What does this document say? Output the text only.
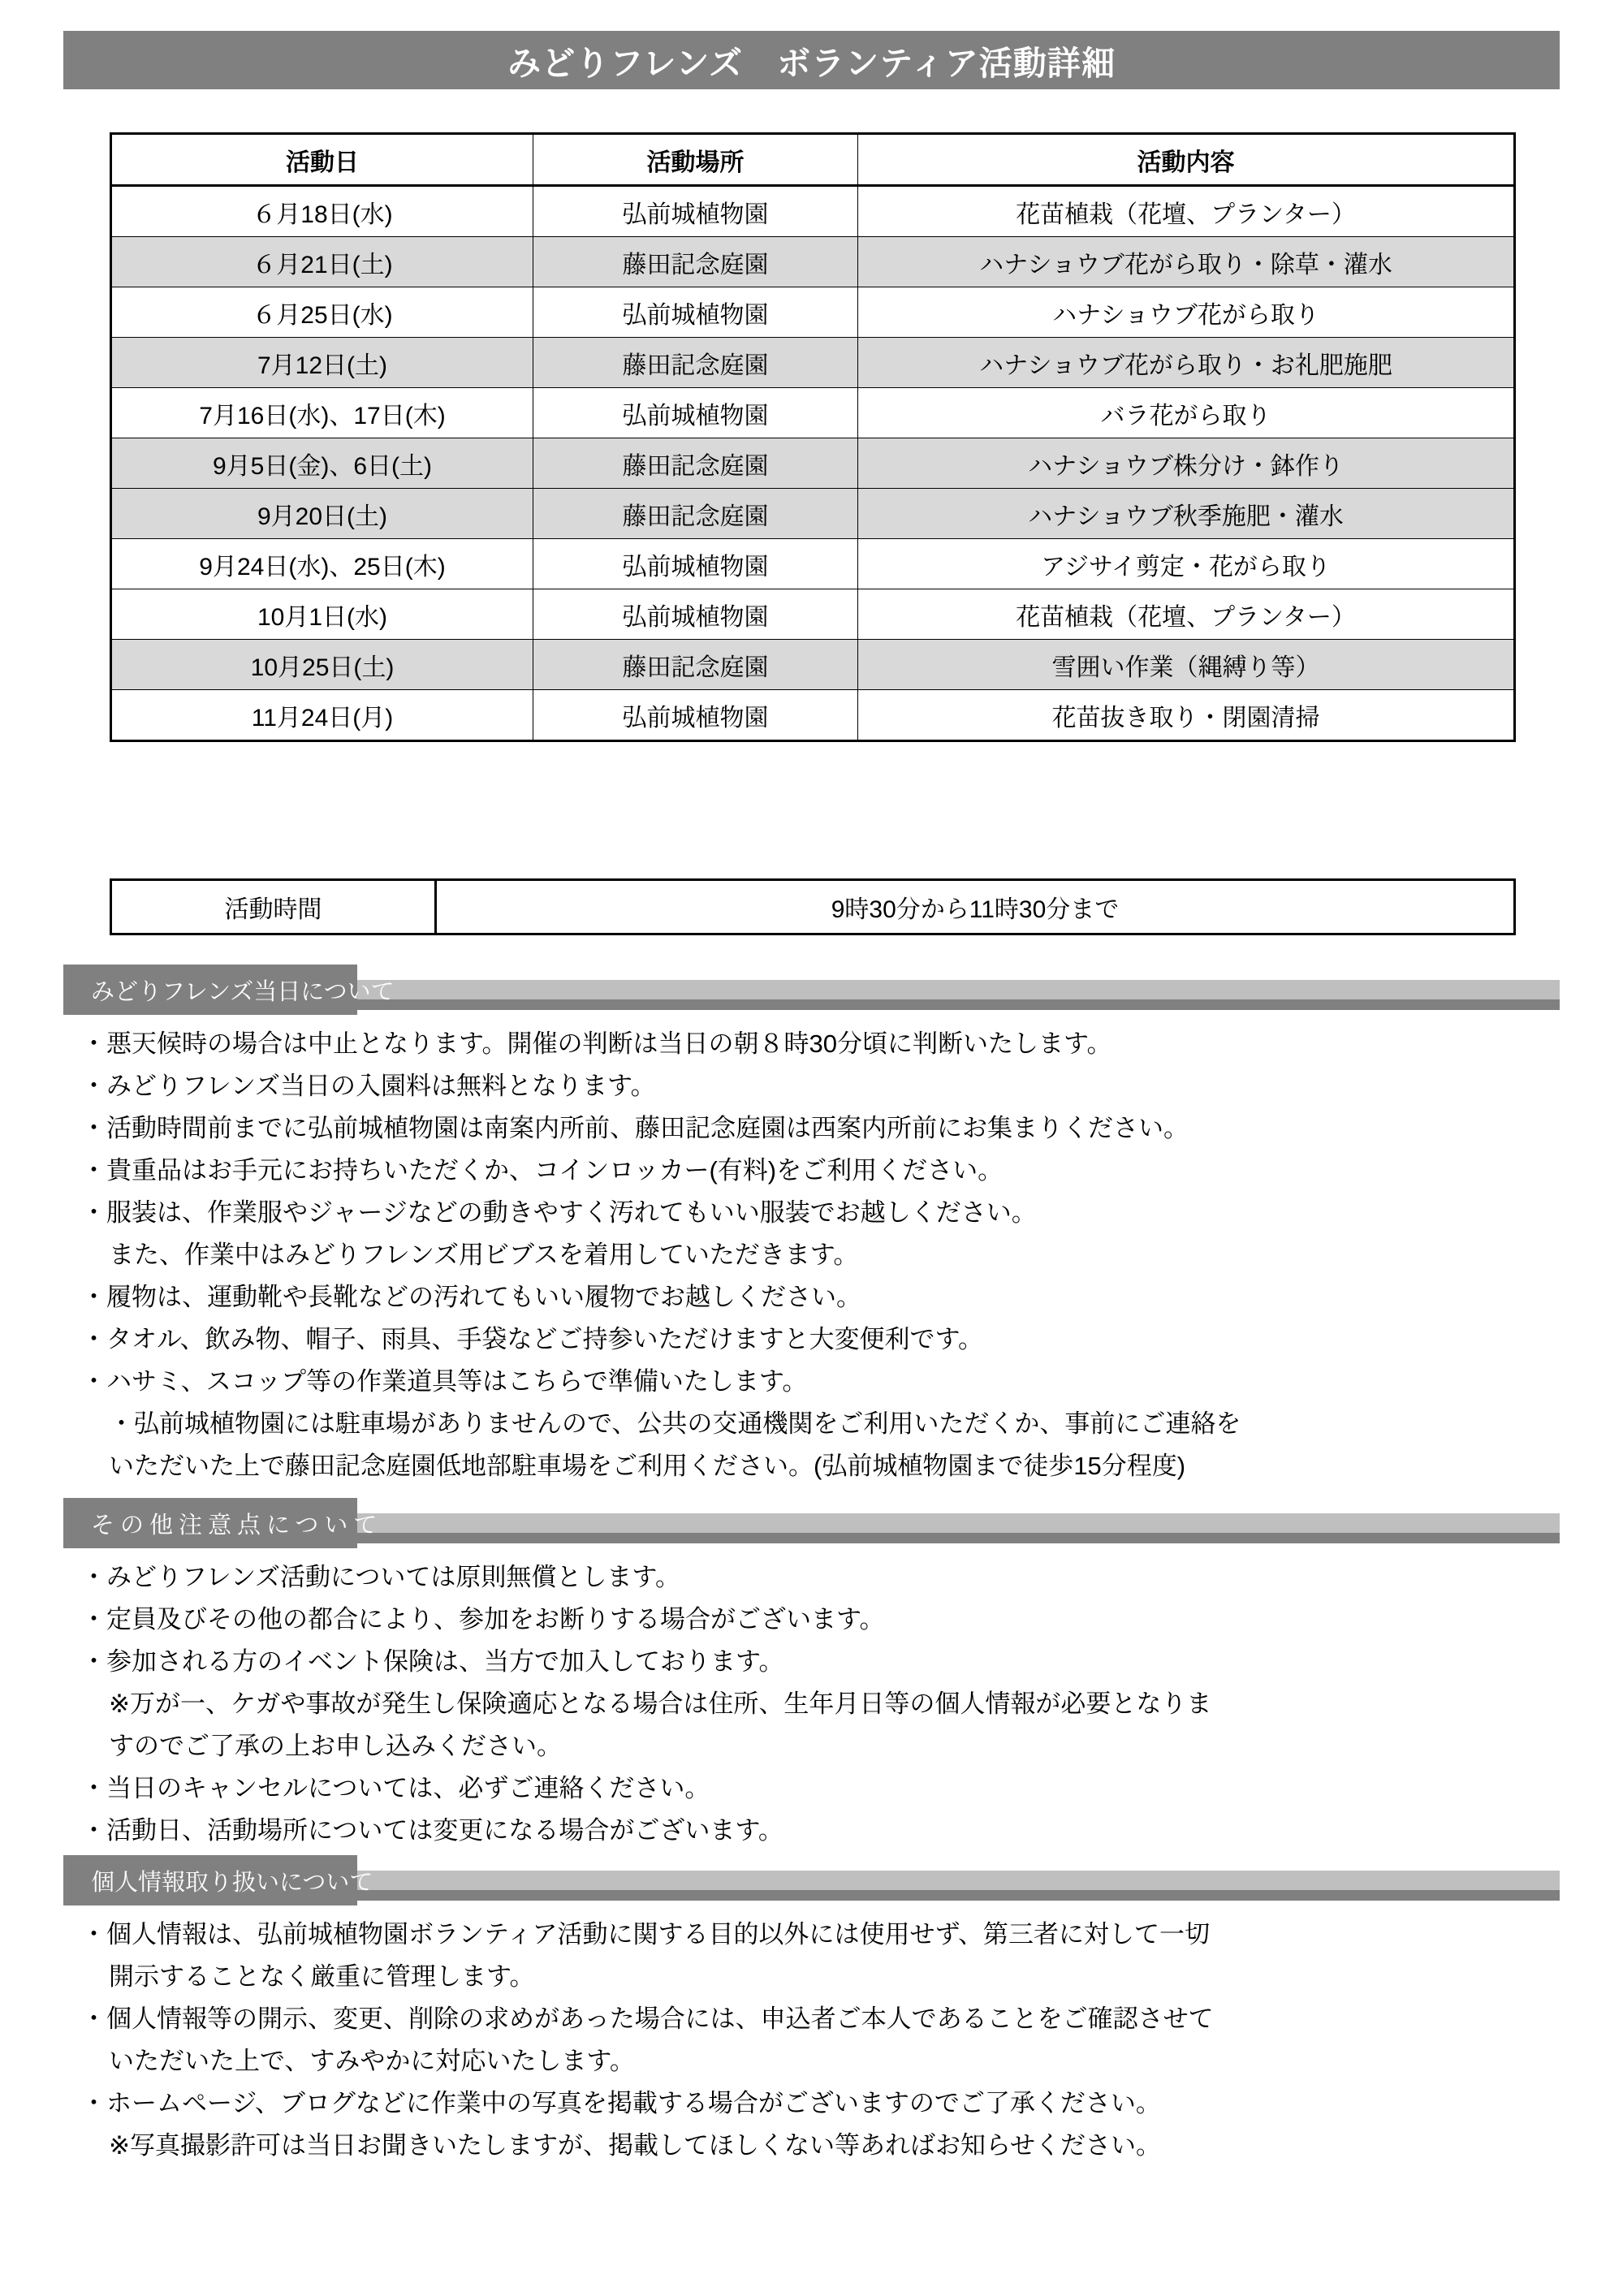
みどりフレンズ　ボランティア活動詳細
活動日	活動場所	活動内容
６月18日(水)	弘前城植物園	花苗植栽（花壇、プランター）
６月21日(土)	藤田記念庭園	ハナショウブ花がら取り・除草・灌水
６月25日(水)	弘前城植物園	ハナショウブ花がら取り
7月12日(土)	藤田記念庭園	ハナショウブ花がら取り・お礼肥施肥
7月16日(水)、17日(木)	弘前城植物園	バラ花がら取り
9月5日(金)、6日(土)	藤田記念庭園	ハナショウブ株分け・鉢作り
9月20日(土)	藤田記念庭園	ハナショウブ秋季施肥・灌水
9月24日(水)、25日(木)	弘前城植物園	アジサイ剪定・花がら取り
10月1日(水)	弘前城植物園	花苗植栽（花壇、プランター）
10月25日(土)	藤田記念庭園	雪囲い作業（縄縛り等）
11月24日(月)	弘前城植物園	花苗抜き取り・閉園清掃
活動時間	9時30分から11時30分まで
みどりフレンズ当日について
・悪天候時の場合は中止となります。開催の判断は当日の朝８時30分頃に判断いたします。
・みどりフレンズ当日の入園料は無料となります。
・活動時間前までに弘前城植物園は南案内所前、藤田記念庭園は西案内所前にお集まりください。
・貴重品はお手元にお持ちいただくか、コインロッカー(有料)をご利用ください。
・服装は、作業服やジャージなどの動きやすく汚れてもいい服装でお越しください。
また、作業中はみどりフレンズ用ビブスを着用していただきます。
・履物は、運動靴や長靴などの汚れてもいい履物でお越しください。
・タオル、飲み物、帽子、雨具、手袋などご持参いただけますと大変便利です。
・ハサミ、スコップ等の作業道具等はこちらで準備いたします。
・弘前城植物園には駐車場がありませんので、公共の交通機関をご利用いただくか、事前にご連絡を
いただいた上で藤田記念庭園低地部駐車場をご利用ください。(弘前城植物園まで徒歩15分程度)
その他注意点について
・みどりフレンズ活動については原則無償とします。
・定員及びその他の都合により、参加をお断りする場合がございます。
・参加される方のイベント保険は、当方で加入しております。
※万が一、ケガや事故が発生し保険適応となる場合は住所、生年月日等の個人情報が必要となりま
すのでご了承の上お申し込みください。
・当日のキャンセルについては、必ずご連絡ください。
・活動日、活動場所については変更になる場合がございます。
個人情報取り扱いについて
・個人情報は、弘前城植物園ボランティア活動に関する目的以外には使用せず、第三者に対して一切
開示することなく厳重に管理します。
・個人情報等の開示、変更、削除の求めがあった場合には、申込者ご本人であることをご確認させて
いただいた上で、すみやかに対応いたします。
・ホームページ、ブログなどに作業中の写真を掲載する場合がございますのでご了承ください。
※写真撮影許可は当日お聞きいたしますが、掲載してほしくない等あればお知らせください。
